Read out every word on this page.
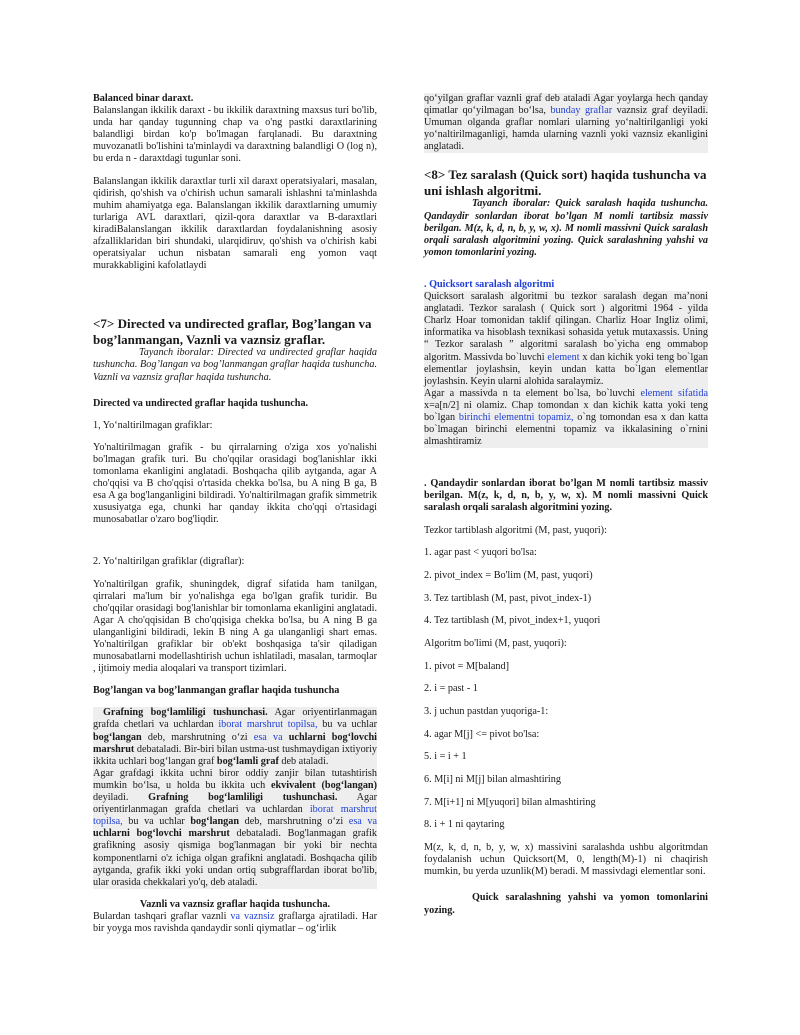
Balanced binar daraxt.

Balanslangan ikkilik daraxt - bu ikkilik daraxtning maxsus turi bo'lib, unda har qanday tugunning chap va o'ng pastki daraxtlarining balandligi birdan ko'p bo'lmagan farqlanadi. Bu daraxtning muvozanatli bo'lishini ta'minlaydi va daraxtning balandligi O (log n), bu erda n - daraxtdagi tugunlar soni.

Balanslangan ikkilik daraxtlar turli xil daraxt operatsiyalari, masalan, qidirish, qo'shish va o'chirish uchun samarali ishlashni ta'minlashda muhim ahamiyatga ega. Balanslangan ikkilik daraxtlarning umumiy turlariga AVL daraxtlari, qizil-qora daraxtlar va B-daraxtlari kiradiBalanslangan ikkilik daraxtlardan foydalanishning asosiy afzalliklaridan biri shundaki, ularqidiruv, qo'shish va o'chirish kabi operatsiyalar uchun nisbatan samarali eng yomon vaqt murakkabligini kafolatlaydi

<7> Directed va undirected graflar, Bog’langan va bog’lanmangan, Vaznli va vaznsiz graflar.

Tayanch iboralar: Directed va undirected graflar haqida tushuncha. Bog’langan va bog’lanmangan graflar haqida tushuncha. Vaznli va vaznsiz graflar haqida tushuncha.

Directed va undirected graflar haqida tushuncha.

1, Yo‘naltirilmagan grafiklar:

Yo'naltirilmagan grafik - bu qirralarning o'ziga xos yo'nalishi bo'lmagan grafik turi. Bu cho'qqilar orasidagi bog'lanishlar ikki tomonlama ekanligini anglatadi. Boshqacha qilib aytganda, agar A cho'qqisi va B cho'qqisi o'rtasida chekka bo'lsa, bu A ning B ga, B esa A ga bog'langanligini bildiradi. Yo'naltirilmagan grafik simmetrik xususiyatga ega, chunki har qanday ikkita cho'qqi o'rtasidagi munosabatlar o'zaro bog'liqdir.

2. Yo‘naltirilgan grafiklar (digraflar):

Yo'naltirilgan grafik, shuningdek, digraf sifatida ham tanilgan, qirralari ma'lum bir yo'nalishga ega bo'lgan grafik turidir. Bu cho'qqilar orasidagi bog'lanishlar bir tomonlama ekanligini anglatadi. Agar A cho'qqisidan B cho'qqisiga chekka bo'lsa, bu A ning B ga ulanganligini bildiradi, lekin B ning A ga ulanganligi shart emas. Yo'naltirilgan grafiklar bir ob'ekt boshqasiga ta'sir qiladigan munosabatlarni modellashtirish uchun ishlatiladi, masalan, tarmoqlar , ijtimoiy media aloqalari va transport tizimlari.

Bog’langan va bog’lanmangan graflar haqida tushuncha

Grafning bog‘lamliligi tushunchasi. Agar oriyentirlanmagan grafda chetlari va uchlardan iborat marshrut topilsa, bu va uchlar bog‘langan deb, marshrutning o‘zi esa va uchlarni bog‘lovchi marshrut debataladi. Bir-biri bilan ustma-ust tushmaydigan ixtiyoriy ikkita uchlari bog‘langan graf bog‘lamli graf deb ataladi.

Agar grafdagi ikkita uchni biror oddiy zanjir bilan tutashtirish mumkin bo‘lsa, u holda bu ikkita uch ekvivalent (bog‘langan) deyiladi. Grafning bog‘lamliligi tushunchasi. Agar oriyentirlanmagan grafda chetlari va uchlardan iborat marshrut topilsa, bu va uchlar bog‘langan deb, marshrutning o‘zi esa va uchlarni bog‘lovchi marshrut debataladi. Bog'lanmagan grafik grafikning asosiy qismiga bog'lanmagan bir yoki bir nechta komponentlarni o'z ichiga olgan grafikni anglatadi. Boshqacha qilib aytganda, grafik ikki yoki undan ortiq subgrafflardan iborat bo'lib, ular orasida chekkalari yo'q, deb ataladi.

Vaznli va vaznsiz graflar haqida tushuncha.

Bulardan tashqari graflar vaznli va vaznsiz graflarga ajratiladi. Har bir yoyga mos ravishda qandaydir sonli qiymatlar – og‘irlik

qo‘yilgan graflar vaznli graf deb ataladi Agar yoylarga hech qanday qimatlar qo‘yilmagan bo‘lsa, bunday graflar vaznsiz graf deyiladi. Umuman olganda graflar nomlari ularning yo‘naltirilganligi yoki yo‘naltirilmaganligi, hamda ularning vaznli yoki vaznsiz ekanligini anglatadi.

<8> Tez saralash (Quick sort) haqida tushuncha va uni ishlash algoritmi.

Tayanch iboralar: Quick saralash haqida tushuncha. Qandaydir sonlardan iborat bo’lgan M nomli tartibsiz massiv berilgan. M(z, k, d, n, b, y, w, x). M nomli massivni Quick saralash orqali saralash algoritmini yozing. Quick saralashning yahshi va yomon tomonlarini yozing.

. Quicksort saralash algoritmi

Quicksort saralash algoritmi bu tezkor saralash degan ma’noni anglatadi. Tezkor saralash ( Quick sort ) algoritmi 1964 - yilda Charlz Hoar tomonidan taklif qilingan. Charliz Hoar Ingliz olimi, informatika va hisoblash texnikasi sohasida yetuk mutaxassis. Uning “ Tezkor saralash ” algoritmi saralash bo`yicha eng ommabop algoritm. Massivda bo`luvchi element x dan kichik yoki teng bo`lgan elementlar joylashsin, keyin undan katta bo`lgan elementlar joylashsin. Keyin ularni alohida saralaymiz.
Agar a massivda n ta element bo`lsa, bo`luvchi element sifatida x=a[n/2] ni olamiz. Chap tomondan x dan kichik katta yoki teng bo`lgan birinchi elementni topamiz, o`ng tomondan esa x dan katta bo`lmagan birinchi elementni topamiz va ikkalasining o`rnini almashtiramiz

. Qandaydir sonlardan iborat bo’lgan M nomli tartibsiz massiv berilgan. M(z, k, d, n, b, y, w, x). M nomli massivni Quick saralash orqali saralash algoritmini yozing.

Tezkor tartiblash algoritmi (M, past, yuqori):

1. agar past < yuqori bo'lsa:

2. pivot_index = Bo'lim (M, past, yuqori)

3. Tez tartiblash (M, past, pivot_index-1)

4. Tez tartiblash (M, pivot_index+1, yuqori

Algoritm bo'limi (M, past, yuqori):

1. pivot = M[baland]

2. i = past - 1

3. j uchun pastdan yuqoriga-1:

4. agar M[j] <= pivot bo'lsa:

5. i = i + 1

6. M[i] ni M[j] bilan almashtiring

7. M[i+1] ni M[yuqori] bilan almashtiring

8. i + 1 ni qaytaring

M(z, k, d, n, b, y, w, x) massivini saralashda ushbu algoritmdan foydalanish uchun Quicksort(M, 0, length(M)-1) ni chaqirish mumkin, bu yerda uzunlik(M) beradi. M massivdagi elementlar soni.

Quick saralashning yahshi va yomon tomonlarini yozing.
